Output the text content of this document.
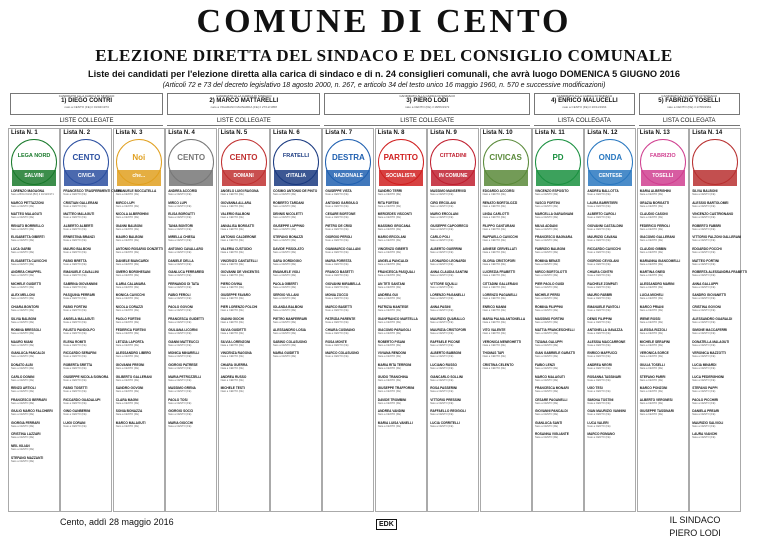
COMUNE DI CENTO
ELEZIONE DIRETTA DEL SINDACO E DEL CONSIGLIO COMUNALE
Liste dei candidati per l'elezione diretta alla carica di sindaco e di n. 24 consiglieri comunali, che avrà luogo DOMENICA 5 GIUGNO 2016
(Articoli 72 e 73 del decreto legislativo 18 agosto 2000, n. 267, e articolo 34 del testo unico 16 maggio 1960, n. 570 e successive modificazioni)
CANDIDATO ALLA CARICA DI SINDACO
1) DIEGO CONTRI
nato a CENTO (FE) il 01/04/1973
CANDIDATO ALLA CARICA DI SINDACO
2) MARCO MATTARELLI
nato a VIGARANO MAINARDA (FE) il 27/12/1958
CANDIDATO ALLA CARICA DI SINDACO
3) PIERO LODI
nato a CENTO (FE) il 18/06/1972
CANDIDATO ALLA CARICA DI SINDACO
4) ENRICO MALUCELLI
nato a CENTO (FE) il 20/11/1964
CANDIDATO ALLA CARICA DI SINDACO
5) FABRIZIO TOSELLI
nato a CENTO (FE) il 17/09/1961
LISTE COLLEGATE	LISTE COLLEGATE	LISTE COLLEGATE	LISTA COLLEGATA	LISTA COLLEGATA
Lista N. 1
LEGA NORD
SALVINI
LORENZO MAGAGNA
Nato a BOLOGNA (BO) il 10/12/1971
MARCO PETTAZZONI
Nato a CENTO (FE)
MATTEO MALAGUTI
Nato a CENTO (FE)
RENATO BORRIELLO
Nato a CENTO (FE)
ELISABETTA GIBERTI
Nata a CENTO (FE)
LUCA GARBI
Nato a CENTO (FE)
ELISABETTA CAVICCHI
Nata a CENTO (FE)
ANDREA CHIAPPEL
Nato a CENTO (FE)
MICHELE GUIDETTI
Nato a CENTO (FE)
ALEX MELLONI
Nato a CENTO (FE)
CHIARA BONTORI
Nata a CENTO (FE)
SILVIA BALBONI
Nata a CENTO (FE)
ROMINA BRESSOLI
Nata a CENTO (FE)
MAURO MIANI
Nato a CENTO (FE)
GIANLUCA PANCALDI
Nato a CENTO (FE)
DONATO ALBI
Nato a CENTO (FE)
CARLO DONINI
Nato a CENTO (FE)
RENZO ARTIOLI
Nato a CENTO (FE)
FRANCESCO BERRARI
Nato a CENTO (FE)
GIULIO MARCO FALCHIERI
Nato a CENTO (FE)
GIORGIA FERRARI
Nata a CENTO (FE)
CRISTINA LAZZARI
Nata a CENTO (FE)
NEIL KILIAN
Nato a CENTO (FE)
STEFANO MAZZANTI
Nato a CENTO (FE)
Lista N. 2
CENTO
CIVICA
FRANCESCO TRASFERIMENTI CARPI
Nato a CENTO (FE)
CRISTIAN GALLERANI
Nato a CENTO (FE)
MATTEO MALAGUTI
Nato a CENTO (FE)
ALBERTO ALBERTI
Nato a CENTO (FE)
ERNESTINA BRANZI
Nata a CENTO (FE)
MAURO BALBONI
Nato a CENTO (FE)
FABIO BRETTA
Nato a CENTO (FE)
EMANUELE CAVALLINI
Nato a CENTO (FE)
SABRINA GIOVANNINI
Nata a CENTO (FE)
PASQUINA PERRARI
Nata a CENTO (FE)
FABIO FORTINI
Nato a CENTO (FE)
ANGELA MALAGUTI
Nata a CENTO (FE)
FAUSTO PANDOLFO
Nato a CENTO (FE)
ELENA ROMITI
Nata a CENTO (FE)
RICCARDO SERAFINI
Nato a CENTO (FE)
ROBERTA SRETTA
Nata a CENTO (FE)
GIUSEPPE NICOLA SIGNORA
Nato a CENTO (FE)
FABIO TOSETTI
Nato a CENTO (FE)
RICCARDO GUADALUPI
Nato a CENTO (FE)
GINO GANBERINI
Nato a CENTO (FE)
LUIGI CORANI
Nato a CENTO (FE)
Lista N. 3
Noi
che...
EMANUELE BOCCATELLA
Nato a CENTO (FE)
MIRCO LUPI
Nato a CENTO (FE)
NICOLA ALBERGHINI
Nato a CENTO (FE)
GIANNI BALBONI
Nato a CENTO (FE)
MAURO BALBONI
Nato a CENTO (FE)
ANTONIO ROSARIO DONZETTI
Nato a CENTO (FE)
DANIELE BIANCARDI
Nato a CENTO (FE)
OMERO BORGHESANI
Nato a CENTO (FE)
ILARIA CALAMARA
Nata a CENTO (FE)
MONICA CAVICCHI
Nata a CENTO (FE)
NICOLA CORAZZI
Nato a CENTO (FE)
PAOLO FORTINI
Nato a CENTO (FE)
FEDERICA FORTINI
Nata a CENTO (FE)
LETIZIA LAPORTA
Nata a CENTO (FE)
ALESSANDRO LIBERO
Nato a CENTO (FE)
GIOVANNI FREGNI
Nato a CENTO (FE)
GILBERTO GALLERANI
Nato a CENTO (FE)
SANDRO GOVONI
Nato a CENTO (FE)
CLARA MAGNI
Nata a CENTO (FE)
SONIA BONAZZA
Nata a CENTO (FE)
MARCO MALAGUTI
Nato a CENTO (FE)
Lista N. 4
CENTO
ANDREA ACCORSI
Nato a CENTO (FE)
MIRCO LUPI
Nato a CENTO (FE)
ELISA BORGATTI
Nata a CENTO (FE)
TANIA BONTORI
Nata a CENTO (FE)
MIRELLA CHIESA
Nata a CENTO (FE)
ANTONIO CAVALLARO
Nato a CENTO (FE)
DANIELE DELLA
Nato a CENTO (FE)
GIANLUCA FERRARESI
Nato a CENTO (FE)
FERNANDO DI TATA
Nato a CENTO (FE)
FABIO FEROLI
Nato a CENTO (FE)
PAOLO GOVONI
Nato a CENTO (FE)
FRANCESCA GUIDETTI
Nata a CENTO (FE)
GIULIANA LICORNI
Nata a CENTO (FE)
GIANNI MATTEUCCI
Nato a CENTO (FE)
MONICA MINARELLI
Nata a CENTO (FE)
GIORGIO PATRESE
Nato a CENTO (FE)
MARIA PETROZZELLI
Nata a CENTO (FE)
MASSIMO GRENA
Nato a CENTO (FE)
PAOLO TOSI
Nato a CENTO (FE)
GIORGIO SOCCI
Nato a CENTO (FE)
MARIA GIOCCHI
Nata a CENTO (FE)
Lista N. 5
CENTO
DOMANI
ANGELO LUIGI RAGONA
Nato a CENTO (FE)
GIOVANNA ALLARA
Nata a CENTO (FE)
VALERIO BALBONI
Nato a CENTO (FE)
ANNALISA BORGATTI
Nata a CENTO (FE)
ANTONIO CALDERONE
Nato a CENTO (FE)
VALERIA CUSTODIO
Nata a CENTO (FE)
VINCENZO CANTATELLI
Nato a CENTO (FE)
GIOVANNI DE VINCENTIS
Nato a CENTO (FE)
PIERO DIVINA
Nato a CENTO (FE)
GIUSEPPE FAVARO
Nato a CENTO (FE)
PIER LORENZO FOLCHI
Nato a CENTO (FE)
GIANNI GIOCHI
Nato a CENTO (FE)
SILVIA GUIDETTI
Nata a CENTO (FE)
SILVIA LORENZONI
Nata a CENTO (FE)
VINCENZA RAGONA
Nata a CENTO (FE)
CHIARA GUERRA
Nata a CENTO (FE)
ANDREA RUSSO
Nato a CENTO (FE)
MICHELE TESTI
Nato a CENTO (FE)
Lista N. 6
FRATELLI
d'ITALIA
COSIMO ANTONIO DE PINTO
Nato a CENTO (FE)
ROBERTO TARDANI
Nato a CENTO (FE)
DENNIS NICOLETTI
Nato a CENTO (FE)
GIUSEPPE LUPPINO
Nato a CENTO (FE)
STEFANO BONAZZI
Nato a CENTO (FE)
DAVIDE PISSOLATO
Nato a CENTO (FE)
SARA GORDIGGIO
Nata a CENTO (FE)
EMANUELE VIOLI
Nato a CENTO (FE)
PAOLA GIBERTI
Nata a CENTO (FE)
SERGIO VILLANI
Nato a CENTO (FE)
IOLANDA BALBONI
Nata a CENTO (FE)
PIETRO MANFERRARI
Nato a CENTO (FE)
ALESSANDRO LOSIA
Nato a CENTO (FE)
SABINO COLASUONO
Nato a CENTO (FE)
MARIA GUIDETTI
Nata a CENTO (FE)
Lista N. 7
DESTRA
NAZIONALE
GIUSEPPE VISTA
Nato a CENTO (FE)
ANTONIO GARGIULO
Nato a CENTO (FE)
CESARE BORTONE
Nato a CENTO (FE)
PIETRO DE CRISI
Nato a CENTO (FE)
GIORGIO PEROLI
Nato a CENTO (FE)
GIANMARCO GALLANI
Nato a CENTO (FE)
MARIA FORESTA
Nata a CENTO (FE)
FRANCO BASETTI
Nato a CENTO (FE)
GIOVANNI MIRABELLA
Nato a CENTO (FE)
MONIA ZOCCO
Nata a CENTO (FE)
MARCO BASETTI
Nato a CENTO (FE)
PATRIZIA PARENTE
Nata a CENTO (FE)
CHIARA CUSMANO
Nata a CENTO (FE)
ROSA MONTE
Nata a CENTO (FE)
MARCO COLASUONO
Nato a CENTO (FE)
Lista N. 8
PARTITO
SOCIALISTA
SANDRO TERRI
Nato a CENTO (FE)
RITA FORTINI
Nata a CENTO (FE)
MERCEDES VISCONTI
Nata a CENTO (FE)
MASSIMO GROCANA
Nato a CENTO (FE)
MARIO ERCOLANI
Nato a CENTO (FE)
VINCENZO GIBERTI
Nato a CENTO (FE)
ANGELA PANCALDI
Nata a CENTO (FE)
FRANCESCA PASQUALI
Nata a CENTO (FE)
AN TETI SANTANI
Nata a CENTO (FE)
ANDREA GUI
Nato a CENTO (FE)
PATRIZIA MANTESE
Nata a CENTO (FE)
GIANFRANCO MARTELLA
Nato a CENTO (FE)
GIACOMO PARAGOLI
Nato a CENTO (FE)
ROBERTO PISANI
Nato a CENTO (FE)
VIVIANA RENDONI
Nata a CENTO (FE)
MARIA RITA TERRONI
Nata a CENTO (FE)
GUIDO TRANCHINA
Nato a CENTO (FE)
GIUSEPPE TRAFFORINI
Nato a CENTO (FE)
DAVIDE TROMBINI
Nato a CENTO (FE)
ANDREA VANDINI
Nato a CENTO (FE)
MARIA LUISA VANELLI
Nata a CENTO (FE)
Lista N. 9
CITTADINI
IN COMUNE
MASSIMO MANSERVISI
Nato a CENTO (FE)
CIRO ERCOLANI
Nato a CENTO (FE)
MARIO ERCOLANI
Nato a CENTO (FE)
GIUSEPPE CAPOGRECO
Nato a CENTO (FE)
CARLO POLI
Nato a CENTO (FE)
ALBERTO GUERRINI
Nato a CENTO (FE)
LEONARDO LEONARDI
Nato a CENTO (FE)
ANNA CLAUDIA SANTINI
Nata a CENTO (FE)
VITTORE SQUILLI
Nato a CENTO (FE)
LORENZO PAGANELLI
Nato a CENTO (FE)
ANNA PASINI
Nata a CENTO (FE)
MAURIZIO QUARALLO
Nato a CENTO (FE)
MAURIZIA CRISTOFORI
Nata a CENTO (FE)
RAFFAELE PICONE
Nato a CENTO (FE)
ALBERTO BABBONI
Nato a CENTO (FE)
LUCIANO RUSSO
Nato a CENTO (FE)
GIANCARLO SOLLINI
Nato a CENTO (FE)
ROSA PASSERINI
Nata a CENTO (FE)
VITTORIO PRESSINI
Nato a CENTO (FE)
RAFFAELLO REGGIOLI
Nato a CENTO (FE)
LUCIA CORRITELLI
Nata a CENTO (FE)
Lista N. 10
CIVICAS
EDOARDO ACCORSI
Nato a CENTO (FE)
RENATO BORTOLOZZI
Nato a CENTO (FE)
LINDA CARLOTTI
Nata a CENTO (FE)
FILIPPO CANTURANI
Nato a CENTO (FE)
RAFFAELLO CAVICCHI
Nato a CENTO (FE)
AGNESE CERVELLATI
Nata a CENTO (FE)
GLORIA CRISTOFORI
Nata a CENTO (FE)
LUCREZIA FRABETTI
Nata a CENTO (FE)
CITTADINI GALLERANI
Nato a CENTO (FE)
LORENZO PAGANELLI
Nato a CENTO (FE)
ENRICO MANNI
Nato a CENTO (FE)
MARIA PALMA ANTONELLA
Nata a CENTO (FE)
VITO VALENTE
Nato a CENTO (FE)
VERONICA MENEGHETTI
Nata a CENTO (FE)
THOMAS TAFI
Nato a CENTO (FE)
CRISTINA CELENTO
Nata a CENTO (FE)
Lista N. 11
PD
VINCENZO ESPOSITO
Nato a CENTO (FE)
VASCO FORTINI
Nato a CENTO (FE)
MARCELLA GARAGNANI
Nata a CENTO (FE)
MILVA ADDANI
Nata a CENTO (FE)
FRANCESCO BAGNARA
Nato a CENTO (FE)
FABRIZIO BALBONI
Nato a CENTO (FE)
ROMINA BENATI
Nata a CENTO (FE)
MIRCO BORTOLOTTI
Nato a CENTO (FE)
PIER PAOLO GUIDI
Nato a CENTO (FE)
MICHELE PERSI
Nato a CENTO (FE)
ROMINA FILIPPINI
Nata a CENTO (FE)
MASSIMO FORTINI
Nato a CENTO (FE)
MATTIA FRANCESCHELLI
Nato a CENTO (FE)
TIZIANA GALUPPI
Nata a CENTO (FE)
GIAN GABRIELE GARATTI
Nato a CENTO (FE)
FABIO LENZI
Nato a CENTO (FE)
MARCO MALAGUTI
Nato a CENTO (FE)
FRANCESCA MONARI
Nata a CENTO (FE)
CESARE PAGANELLI
Nato a CENTO (FE)
GIOVANNI PANCALDI
Nato a CENTO (FE)
GIANLUCA SANTI
Nato a CENTO (FE)
ROSANNA VIGLIANTE
Nata a CENTO (FE)
Lista N. 12
ONDA
CENTESE
ANDREA BALLOTTA
Nato a CENTO (FE)
LAURA BARRITIERI
Nata a CENTO (FE)
ALBERTO CAROLI
Nato a CENTO (FE)
GIOVANNI CASTALDINI
Nato a CENTO (FE)
MAURIZIO CAVANA
Nato a CENTO (FE)
RICCARDO CAVICCHI
Nato a CENTO (FE)
GIORGIO CEVOLANI
Nato a CENTO (FE)
CHIARA CONTRI
Nata a CENTO (FE)
RACHELE ZOMPATI
Nata a CENTO (FE)
MAURO FABBRI
Nato a CENTO (FE)
EMANUELE FANTOLI
Nato a CENTO (FE)
DENIS FILIPPINI
Nato a CENTO (FE)
ANTONELLA GAVAZZA
Nata a CENTO (FE)
ALESSIA MACCARRONE
Nata a CENTO (FE)
ENRICO MAFFUCCI
Nato a CENTO (FE)
ANDREA NEGRI
Nato a CENTO (FE)
ROSANNA TASSINARI
Nata a CENTO (FE)
UGO TESI
Nato a CENTO (FE)
SIMONA TOSTINI
Nata a CENTO (FE)
GIAN MAURIZIO VANNINI
Nato a CENTO (FE)
LUCA VALERI
Nato a CENTO (FE)
MARCO ROMANO
Nato a CENTO (FE)
Lista N. 13
FABRIZIO
TOSELLI
MARIA ALBERGHINI
Nata a CENTO (FE)
GRAZIA BORGATTI
Nata a CENTO (FE)
CLAUDIO CASONI
Nato a CENTO (FE)
FEDERICO FERIOLI
Nato a CENTO (FE)
GIACOMO GALLERANI
Nato a CENTO (FE)
CLAUDIO GIBBIN
Nato a CENTO (FE)
MARIANNA GIANCOMELLI
Nata a CENTO (FE)
MARTINA GNESI
Nata a CENTO (FE)
ALESSANDRO MARINI
Nato a CENTO (FE)
LUCIA MICHELI
Nata a CENTO (FE)
MARCO PRIANI
Nato a CENTO (FE)
IRENE ROSSI
Nata a CENTO (FE)
ALESSIA RIZZOLI
Nata a CENTO (FE)
MICHELE SERAFINI
Nato a CENTO (FE)
VERONICA SORCE
Nata a CENTO (FE)
GIULIA TOSELLI
Nata a CENTO (FE)
STEFANO PARRI
Nato a CENTO (FE)
MARCO PONZONI
Nato a CENTO (FE)
ALBERTO VERONESI
Nato a CENTO (FE)
GIUSEPPE TASSINARI
Nato a CENTO (FE)
Lista N. 14
SILVIA BALBONI
Nata a CENTO (FE)
ALESSIO BARTOLOMEI
Nato a CENTO (FE)
VINCENZO CASTRIGNANO
Nato a CENTO (FE)
ROBERTO FABBRI
Nato a CENTO (FE)
VITTORIO FALZONI GALLERANI
Nato a CENTO (FE)
EDOARDO FOCCHI
Nato a CENTO (FE)
MATTEO FORTINI
Nato a CENTO (FE)
ROBERTA ALESSANDRA FRABETTI
Nata a CENTO (FE)
ANNA GALLUPPI
Nata a CENTO (FE)
SANDRO GIOVANETTI
Nato a CENTO (FE)
CRISTINA GOVONI
Nata a CENTO (FE)
ALESSANDRO GUARALDI
Nato a CENTO (FE)
SIMONE MACCAFERRI
Nato a CENTO (FE)
DONATELLA MALAGUTI
Nata a CENTO (FE)
VERONICA MAZZOTTI
Nata a CENTO (FE)
LUCIA MINARDI
Nata a CENTO (FE)
LUCA PEDERGHIGNI
Nato a CENTO (FE)
STEFANO PAPPI
Nato a CENTO (FE)
PAOLO PICCHIRI
Nato a CENTO (FE)
DANIELA PREARI
Nata a CENTO (FE)
MAURIZIO SALVIOLI
Nato a CENTO (FE)
LAURA VIANCHI
Nata a CENTO (FE)
Cento, addì 28 maggio 2016	EDK	IL SINDACO
PIERO LODI
